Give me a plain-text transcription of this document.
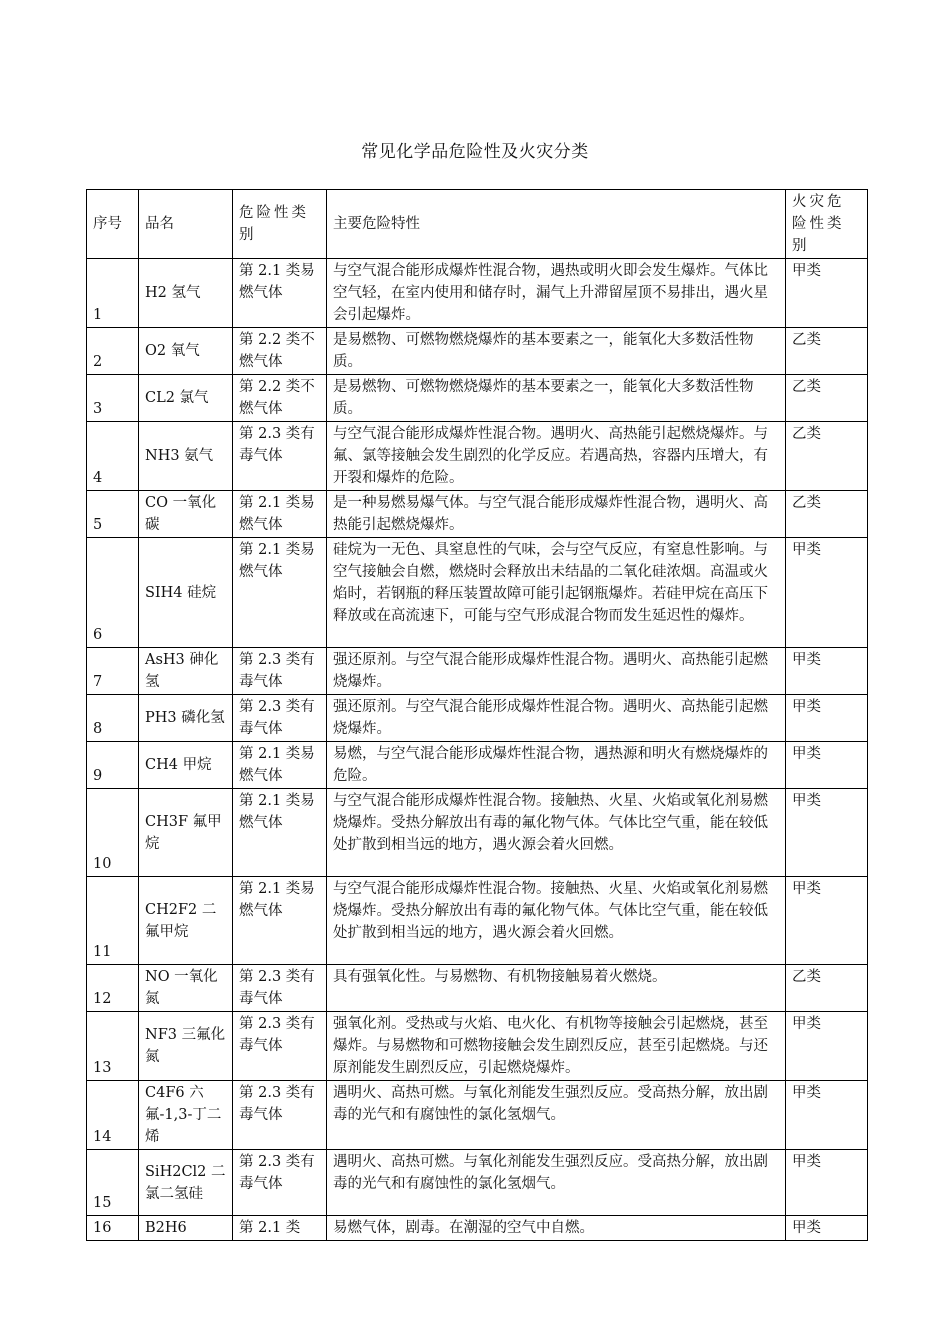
常见化学品危险性及火灾分类
序号	品名	危险性类别	主要危险特性	火灾危险性类别
1	H2 氢气	第 2.1 类易燃气体	与空气混合能形成爆炸性混合物，遇热或明火即会发生爆炸。气体比空气轻，在室内使用和储存时，漏气上升滞留屋顶不易排出，遇火星会引起爆炸。	甲类
2	O2 氧气	第 2.2 类不燃气体	是易燃物、可燃物燃烧爆炸的基本要素之一，能氧化大多数活性物质。	乙类
3	CL2 氯气	第 2.2 类不燃气体	是易燃物、可燃物燃烧爆炸的基本要素之一，能氧化大多数活性物质。	乙类
4	NH3 氨气	第 2.3 类有毒气体	与空气混合能形成爆炸性混合物。遇明火、高热能引起燃烧爆炸。与氟、氯等接触会发生剧烈的化学反应。若遇高热，容器内压增大，有开裂和爆炸的危险。	乙类
5	CO 一氧化碳	第 2.1 类易燃气体	是一种易燃易爆气体。与空气混合能形成爆炸性混合物，遇明火、高热能引起燃烧爆炸。	乙类
6	SIH4 硅烷	第 2.1 类易燃气体	硅烷为一无色、具窒息性的气味，会与空气反应，有窒息性影响。与空气接触会自燃，燃烧时会释放出未结晶的二氧化硅浓烟。高温或火焰时，若钢瓶的释压装置故障可能引起钢瓶爆炸。若硅甲烷在高压下释放或在高流速下，可能与空气形成混合物而发生延迟性的爆炸。	甲类
7	AsH3 砷化氢	第 2.3 类有毒气体	强还原剂。与空气混合能形成爆炸性混合物。遇明火、高热能引起燃烧爆炸。	甲类
8	PH3 磷化氢	第 2.3 类有毒气体	强还原剂。与空气混合能形成爆炸性混合物。遇明火、高热能引起燃烧爆炸。	甲类
9	CH4 甲烷	第 2.1 类易燃气体	易燃，与空气混合能形成爆炸性混合物，遇热源和明火有燃烧爆炸的危险。	甲类
10	CH3F 氟甲烷	第 2.1 类易燃气体	与空气混合能形成爆炸性混合物。接触热、火星、火焰或氧化剂易燃烧爆炸。受热分解放出有毒的氟化物气体。气体比空气重，能在较低处扩散到相当远的地方，遇火源会着火回燃。	甲类
11	CH2F2 二氟甲烷	第 2.1 类易燃气体	与空气混合能形成爆炸性混合物。接触热、火星、火焰或氧化剂易燃烧爆炸。受热分解放出有毒的氟化物气体。气体比空气重，能在较低处扩散到相当远的地方，遇火源会着火回燃。	甲类
12	NO 一氧化氮	第 2.3 类有毒气体	具有强氧化性。与易燃物、有机物接触易着火燃烧。	乙类
13	NF3 三氟化氮	第 2.3 类有毒气体	强氧化剂。受热或与火焰、电火化、有机物等接触会引起燃烧，甚至爆炸。与易燃物和可燃物接触会发生剧烈反应，甚至引起燃烧。与还原剂能发生剧烈反应，引起燃烧爆炸。	甲类
14	C4F6 六氟-1,3-丁二烯	第 2.3 类有毒气体	遇明火、高热可燃。与氧化剂能发生强烈反应。受高热分解，放出剧毒的光气和有腐蚀性的氯化氢烟气。	甲类
15	SiH2Cl2 二氯二氢硅	第 2.3 类有毒气体	遇明火、高热可燃。与氧化剂能发生强烈反应。受高热分解，放出剧毒的光气和有腐蚀性的氯化氢烟气。	甲类
16	B2H6	第 2.1 类	易燃气体，剧毒。在潮湿的空气中自燃。	甲类
